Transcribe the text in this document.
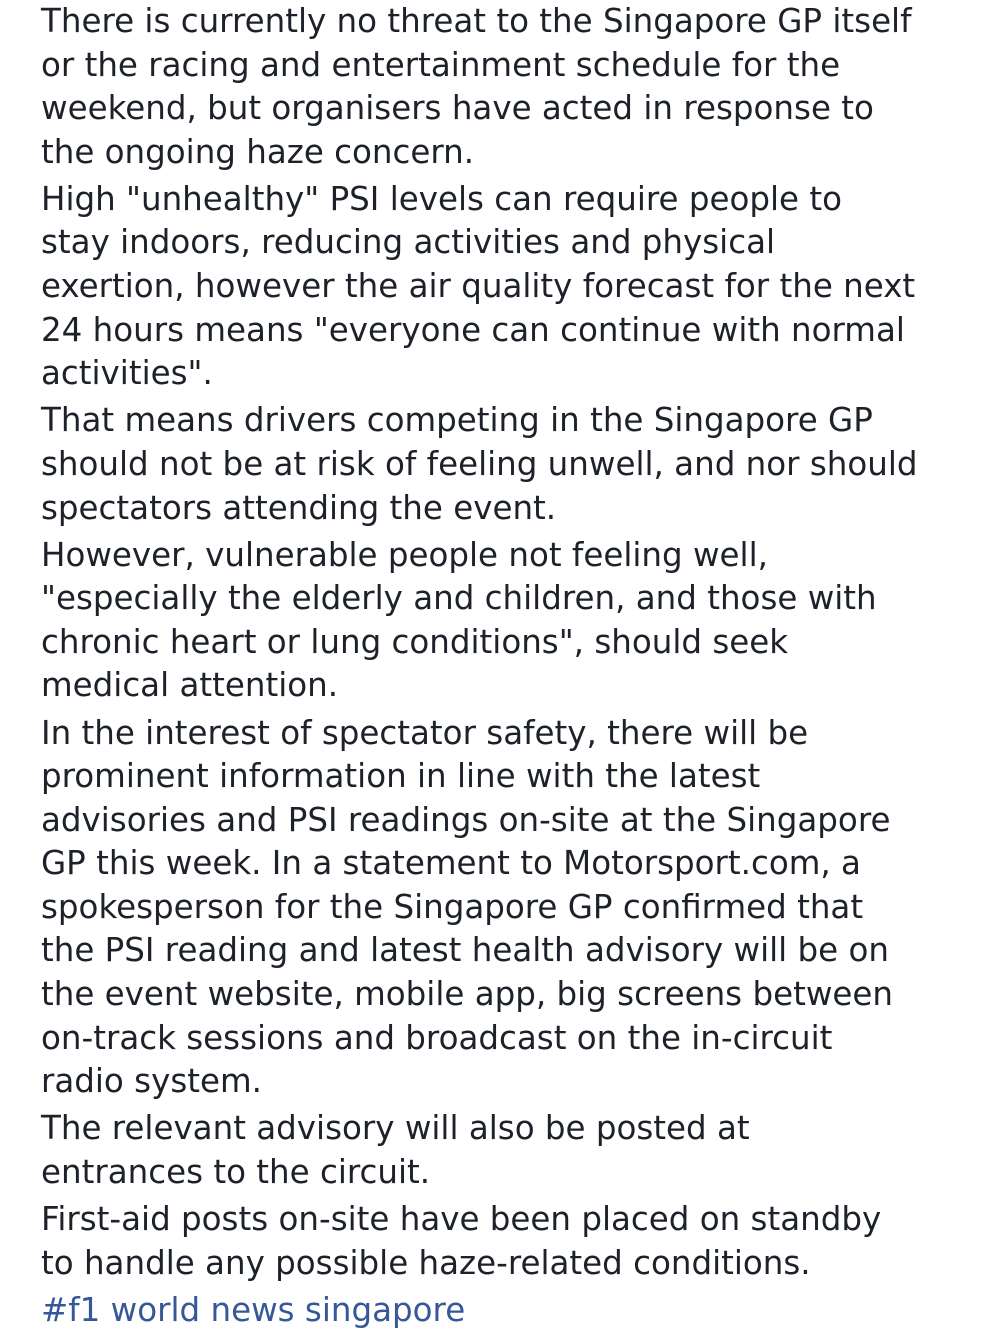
There is currently no threat to the Singapore GP itself
or the racing and entertainment schedule for the
weekend, but organisers have acted in response to
the ongoing haze concern.

High "unhealthy" PSI levels can require people to
stay indoors, reducing activities and physical
exertion, however the air quality forecast for the next
24 hours means "everyone can continue with normal
activities".

That means drivers competing in the Singapore GP
should not be at risk of feeling unwell, and nor should
spectators attending the event.

However, vulnerable people not feeling well,
"especially the elderly and children, and those with
chronic heart or lung conditions", should seek
medical attention.

In the interest of spectator safety, there will be
prominent information in line with the latest
advisories and PSI readings on-site at the Singapore
GP this week. In a statement to Motorsport.com, a
spokesperson for the Singapore GP confirmed that
the PSI reading and latest health advisory will be on
the event website, mobile app, big screens between
on-track sessions and broadcast on the in-circuit
radio system.

The relevant advisory will also be posted at
entrances to the circuit.

First-aid posts on-site have been placed on standby
to handle any possible haze-related conditions.

#f1 world news singapore
